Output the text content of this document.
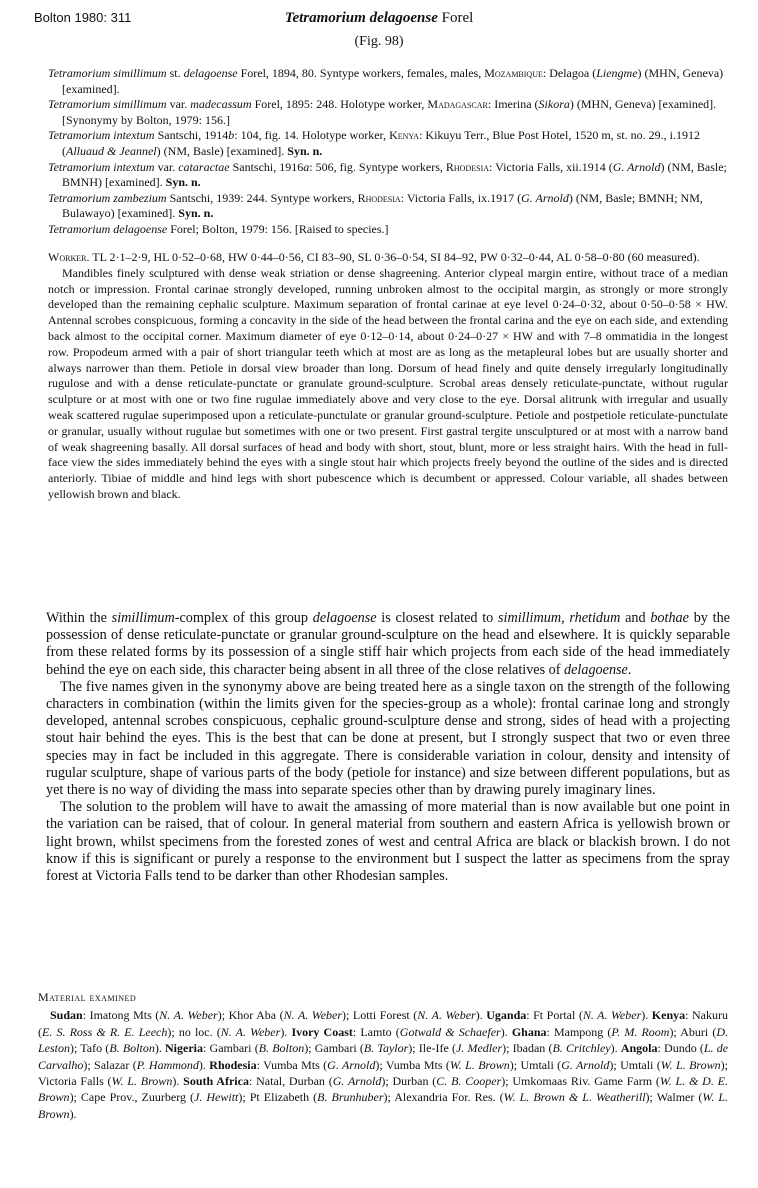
Bolton 1980: 311	Tetramorium delagoense Forel
(Fig. 98)

Tetramorium simillimum st. delagoense Forel, 1894, 80. Syntype workers, females, males, Mozambique: Delagoa (Liengme) (MHN, Geneva) [examined].

Tetramorium simillimum var. madecassum Forel, 1895: 248. Holotype worker, Madagascar: Imerina (Sikora) (MHN, Geneva) [examined]. [Synonymy by Bolton, 1979: 156.]

Tetramorium intextum Santschi, 1914b: 104, fig. 14. Holotype worker, Kenya: Kikuyu Terr., Blue Post Hotel, 1520 m, st. no. 29., i.1912 (Alluaud & Jeannel) (NM, Basle) [examined]. Syn. n.

Tetramorium intextum var. cataractae Santschi, 1916a: 506, fig. Syntype workers, Rhodesia: Victoria Falls, xii.1914 (G. Arnold) (NM, Basle; BMNH) [examined]. Syn. n.

Tetramorium zambezium Santschi, 1939: 244. Syntype workers, Rhodesia: Victoria Falls, ix.1917 (G. Arnold) (NM, Basle; BMNH; NM, Bulawayo) [examined]. Syn. n.

Tetramorium delagoense Forel; Bolton, 1979: 156. [Raised to species.]

Worker. TL 2·1–2·9, HL 0·52–0·68, HW 0·44–0·56, CI 83–90, SL 0·36–0·54, SI 84–92, PW 0·32–0·44, AL 0·58–0·80 (60 measured).

Mandibles finely sculptured with dense weak striation or dense shagreening. Anterior clypeal margin entire, without trace of a median notch or impression. Frontal carinae strongly developed, running unbroken almost to the occipital margin, as strongly or more strongly developed than the remaining cephalic sculpture. Maximum separation of frontal carinae at eye level 0·24–0·32, about 0·50–0·58 × HW. Antennal scrobes conspicuous, forming a concavity in the side of the head between the frontal carina and the eye on each side, and extending back almost to the occipital corner. Maximum diameter of eye 0·12–0·14, about 0·24–0·27 × HW and with 7–8 ommatidia in the longest row. Propodeum armed with a pair of short triangular teeth which at most are as long as the metapleural lobes but are usually shorter and always narrower than them. Petiole in dorsal view broader than long. Dorsum of head finely and quite densely irregularly longitudinally rugulose and with a dense reticulate-punctate or granulate ground-sculpture. Scrobal areas densely reticulate-punctate, without rugular sculpture or at most with one or two fine rugulae immediately above and very close to the eye. Dorsal alitrunk with irregular and usually weak scattered rugulae superimposed upon a reticulate-punctulate or granular ground-sculpture. Petiole and postpetiole reticulate-punctulate or granular, usually without rugulae but sometimes with one or two present. First gastral tergite unsculptured or at most with a narrow band of weak shagreening basally. All dorsal surfaces of head and body with short, stout, blunt, more or less straight hairs. With the head in full-face view the sides immediately behind the eyes with a single stout hair which projects freely beyond the outline of the sides and is directed anteriorly. Tibiae of middle and hind legs with short pubescence which is decumbent or appressed. Colour variable, all shades between yellowish brown and black.

Within the simillimum-complex of this group delagoense is closest related to simillimum, rhetidum and bothae by the possession of dense reticulate-punctate or granular ground-sculpture on the head and elsewhere. It is quickly separable from these related forms by its possession of a single stiff hair which projects from each side of the head immediately behind the eye on each side, this character being absent in all three of the close relatives of delagoense.

The five names given in the synonymy above are being treated here as a single taxon on the strength of the following characters in combination (within the limits given for the species-group as a whole): frontal carinae long and strongly developed, antennal scrobes conspicuous, cephalic ground-sculpture dense and strong, sides of head with a projecting stout hair behind the eyes. This is the best that can be done at present, but I strongly suspect that two or even three species may in fact be included in this aggregate. There is considerable variation in colour, density and intensity of rugular sculpture, shape of various parts of the body (petiole for instance) and size between different populations, but as yet there is no way of dividing the mass into separate species other than by drawing purely imaginary lines.

The solution to the problem will have to await the amassing of more material than is now available but one point in the variation can be raised, that of colour. In general material from southern and eastern Africa is yellowish brown or light brown, whilst specimens from the forested zones of west and central Africa are black or blackish brown. I do not know if this is significant or purely a response to the environment but I suspect the latter as specimens from the spray forest at Victoria Falls tend to be darker than other Rhodesian samples.

Material examined

Sudan: Imatong Mts (N. A. Weber); Khor Aba (N. A. Weber); Lotti Forest (N. A. Weber). Uganda: Ft Portal (N. A. Weber). Kenya: Nakuru (E. S. Ross & R. E. Leech); no loc. (N. A. Weber). Ivory Coast: Lamto (Gotwald & Schaefer). Ghana: Mampong (P. M. Room); Aburi (D. Leston); Tafo (B. Bolton). Nigeria: Gambari (B. Bolton); Gambari (B. Taylor); Ile-Ife (J. Medler); Ibadan (B. Critchley). Angola: Dundo (L. de Carvalho); Salazar (P. Hammond). Rhodesia: Vumba Mts (G. Arnold); Vumba Mts (W. L. Brown); Umtali (G. Arnold); Umtali (W. L. Brown); Victoria Falls (W. L. Brown). South Africa: Natal, Durban (G. Arnold); Durban (C. B. Cooper); Umkomaas Riv. Game Farm (W. L. & D. E. Brown); Cape Prov., Zuurberg (J. Hewitt); Pt Elizabeth (B. Brunhuber); Alexandria For. Res. (W. L. Brown & L. Weatherill); Walmer (W. L. Brown).
